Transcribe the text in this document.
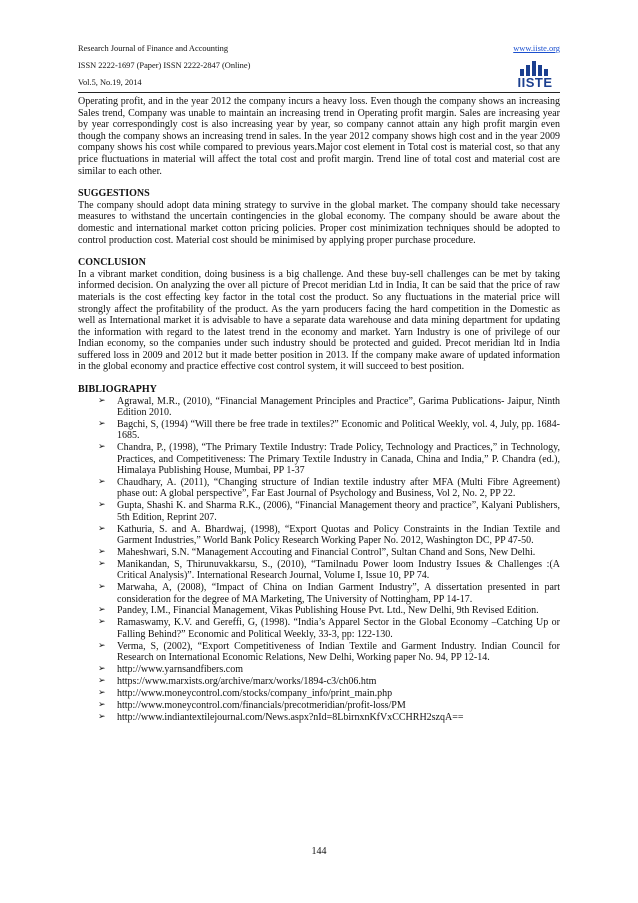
Research Journal of Finance and Accounting
ISSN 2222-1697 (Paper) ISSN 2222-2847 (Online)
Vol.5, No.19, 2014
www.iiste.org
IISTE

Operating profit, and in the year 2012 the company incurs a heavy loss. Even though the company shows an increasing Sales trend, Company was unable to maintain an increasing trend in Operating profit margin. Sales are increasing year by year correspondingly cost is also increasing year by year, so company cannot attain any high profit margin even though the company shows an increasing trend in sales. In the year 2012 company shows high cost and in the year 2009 company shows his cost while compared to previous years.Major cost element in Total cost is material cost, so that any price fluctuations in material will affect the total cost and profit margin. Trend line of total cost and material cost are similar to each other.

SUGGESTIONS

The company should adopt data mining strategy to survive in the global market. The company should take necessary measures to withstand the uncertain contingencies in the global economy. The company should be aware about the domestic and international market cotton pricing policies. Proper cost minimization techniques should be adopted to control production cost. Material cost should be minimised by applying proper purchase procedure.

CONCLUSION

In a vibrant market condition, doing business is a big challenge. And these buy-sell challenges can be met by taking informed decision. On analyzing the over all picture of Precot meridian Ltd in India, It can be said that the price of raw materials is the cost effecting key factor in the total cost the product. So any fluctuations in the material price will strongly affect the profitability of the product. As the yarn producers facing the hard competition in the Domestic as well as International market it is advisable to have a separate data warehouse and data mining department for updating the information with regard to the latest trend in the economy and market. Yarn Industry is one of privilege of our Indian economy, so the companies under such industry should be protected and guided. Precot meridian ltd in India suffered loss in 2009 and 2012 but it made better position in 2013. If the company make aware of updated information in the global economy and practice effective cost control system, it will succeed to best position.

BIBLIOGRAPHY
➢ Agrawal, M.R., (2010), “Financial Management Principles and Practice”, Garima Publications- Jaipur, Ninth Edition 2010.
➢ Bagchi, S, (1994) “Will there be free trade in textiles?” Economic and Political Weekly, vol. 4, July, pp. 1684-1685.
➢ Chandra, P., (1998), “The Primary Textile Industry: Trade Policy, Technology and Practices,” in Technology, Practices, and Competitiveness: The Primary Textile Industry in Canada, China and India,” P. Chandra (ed.), Himalaya Publishing House, Mumbai, PP 1-37
➢ Chaudhary, A. (2011), “Changing structure of Indian textile industry after MFA (Multi Fibre Agreement) phase out: A global perspective”, Far East Journal of Psychology and Business, Vol 2, No. 2, PP 22.
➢ Gupta, Shashi K. and Sharma R.K., (2006), “Financial Management theory and practice”, Kalyani Publishers, 5th Edition, Reprint 207.
➢ Kathuria, S. and A. Bhardwaj, (1998), “Export Quotas and Policy Constraints in the Indian Textile and Garment Industries,” World Bank Policy Research Working Paper No. 2012, Washington DC, PP 47-50.
➢ Maheshwari, S.N. “Management Accouting and Financial Control”, Sultan Chand and Sons, New Delhi.
➢ Manikandan, S, Thirunuvakkarsu, S., (2010), “Tamilnadu Power loom Industry Issues & Challenges :(A Critical Analysis)”. International Research Journal, Volume I, Issue 10, PP 74.
➢ Marwaha, A, (2008), “Impact of China on Indian Garment Industry”, A dissertation presented in part consideration for the degree of MA Marketing, The University of Nottingham, PP 14-17.
➢ Pandey, I.M., Financial Management, Vikas Publishing House Pvt. Ltd., New Delhi, 9th Revised Edition.
➢ Ramaswamy, K.V. and Gereffi, G, (1998). “India’s Apparel Sector in the Global Economy –Catching Up or Falling Behind?” Economic and Political Weekly, 33-3, pp: 122-130.
➢ Verma, S, (2002), “Export Competitiveness of Indian Textile and Garment Industry. Indian Council for Research on International Economic Relations, New Delhi, Working paper No. 94, PP 12-14.
➢ http://www.yarnsandfibers.com
➢ https://www.marxists.org/archive/marx/works/1894-c3/ch06.htm
➢ http://www.moneycontrol.com/stocks/company_info/print_main.php
➢ http://www.moneycontrol.com/financials/precotmeridian/profit-loss/PM
➢ http://www.indiantextilejournal.com/News.aspx?nId=8LbirnxnKfVxCCHRH2szqA==
144
